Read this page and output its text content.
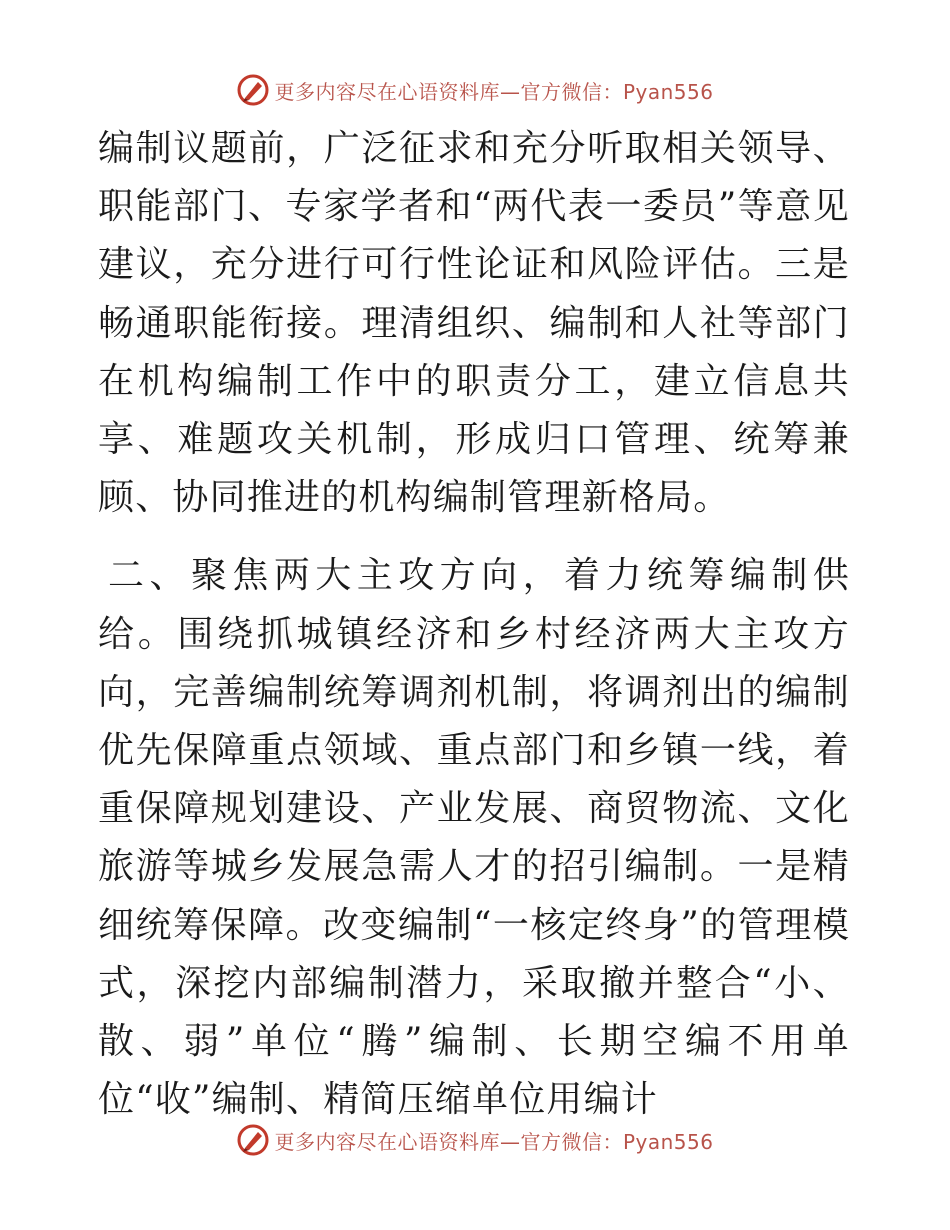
更多内容尽在心语资料库—官方微信：Pyan556

编制议题前，广泛征求和充分听取相关领导、职能部门、专家学者和“两代表一委员”等意见建议，充分进行可行性论证和风险评估。三是畅通职能衔接。理清组织、编制和人社等部门在机构编制工作中的职责分工，建立信息共享、难题攻关机制，形成归口管理、统筹兼顾、协同推进的机构编制管理新格局。

二、聚焦两大主攻方向，着力统筹编制供给。围绕抓城镇经济和乡村经济两大主攻方向，完善编制统筹调剂机制，将调剂出的编制优先保障重点领域、重点部门和乡镇一线，着重保障规划建设、产业发展、商贸物流、文化旅游等城乡发展急需人才的招引编制。一是精细统筹保障。改变编制“一核定终身”的管理模式，深挖内部编制潜力，采取撤并整合“小、散、弱”单位“腾”编制、长期空编不用单位“收”编制、精简压缩单位用编计

更多内容尽在心语资料库—官方微信：Pyan556
